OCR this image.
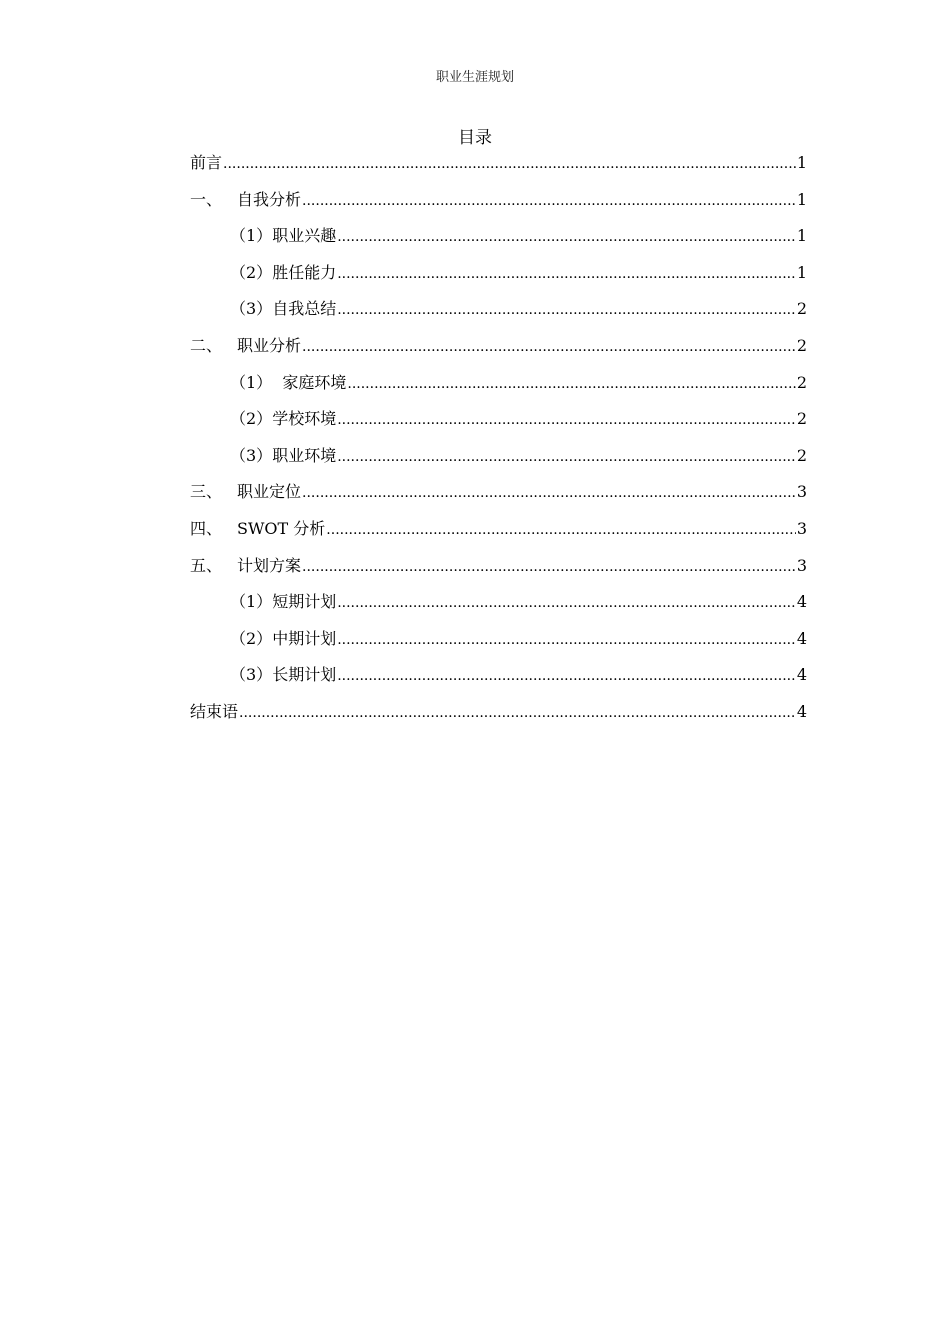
职业生涯规划
目录
前言 .....	1
一、 自我分析 .....	1
（1） 职业兴趣 .....	1
（2） 胜任能力 .....	1
（3） 自我总结 .....	2
二、 职业分析 .....	2
（1） 家庭环境 .....	2
（2） 学校环境 .....	2
（3） 职业环境 .....	2
三、 职业定位 .....	3
四、 SWOT 分析 .....	3
五、 计划方案 .....	3
（1） 短期计划 .....	4
（2） 中期计划 .....	4
（3） 长期计划 .....	4
结束语 .....	4
